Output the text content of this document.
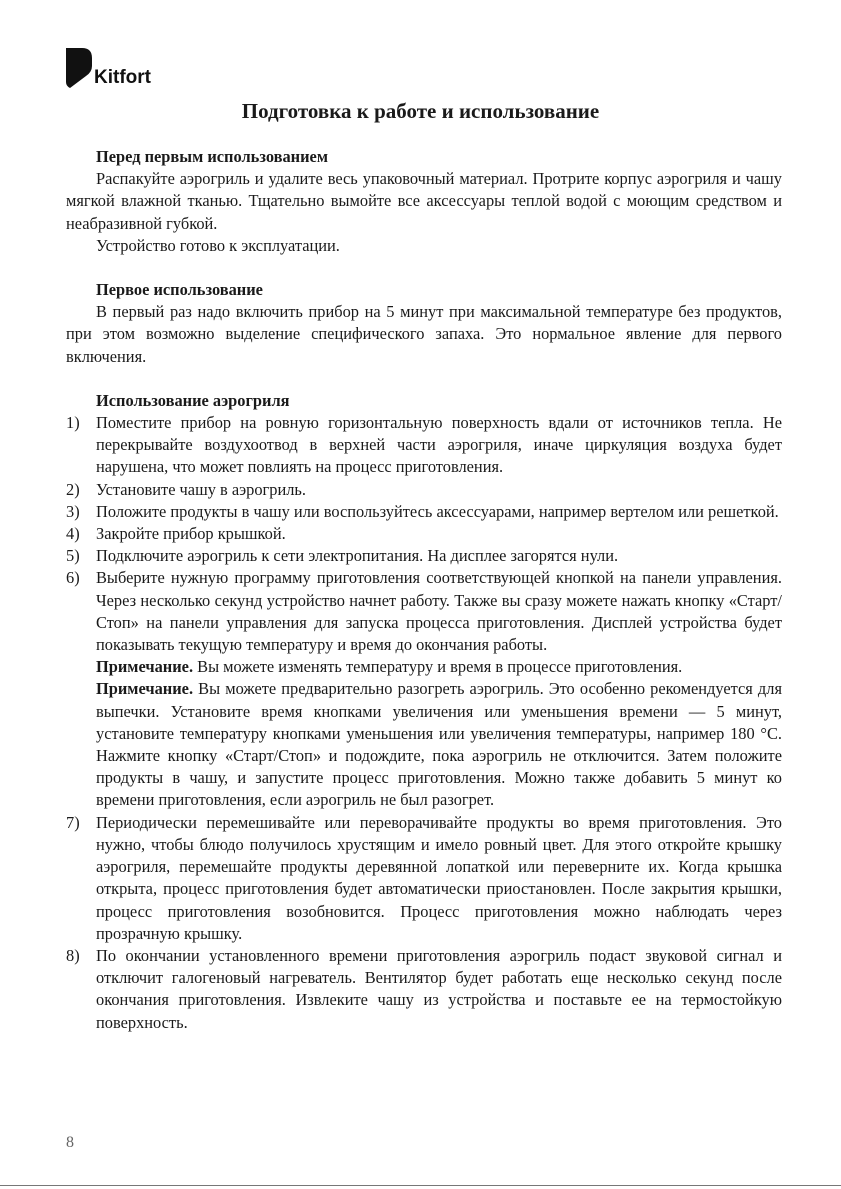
Kitfort
Подготовка к работе и использование

Перед первым использованием

Распакуйте аэрогриль и удалите весь упаковочный материал. Протрите корпус аэрогриля и чашу мягкой влажной тканью. Тщательно вымойте все аксессуары теплой водой с моющим средством и неабразивной губкой.

Устройство готово к эксплуатации.

Первое использование

В первый раз надо включить прибор на 5 минут при максимальной температуре без продуктов, при этом возможно выделение специфического запаха. Это нормальное явление для первого включения.

Использование аэрогриля

1) Поместите прибор на ровную горизонтальную поверхность вдали от источников тепла. Не перекрывайте воздухоотвод в верхней части аэрогриля, иначе циркуляция воздуха будет нарушена, что может повлиять на процесс приготовления.
2) Установите чашу в аэрогриль.
3) Положите продукты в чашу или воспользуйтесь аксессуарами, например вертелом или решеткой.
4) Закройте прибор крышкой.
5) Подключите аэрогриль к сети электропитания. На дисплее загорятся нули.
6) Выберите нужную программу приготовления соответствующей кнопкой на панели управления. Через несколько секунд устройство начнет работу. Также вы сразу можете нажать кнопку «Старт/Стоп» на панели управления для запуска процесса приготовления. Дисплей устройства будет показывать текущую температуру и время до окончания работы.

Примечание. Вы можете изменять температуру и время в процессе приготовления.

Примечание. Вы можете предварительно разогреть аэрогриль. Это особенно рекомендуется для выпечки. Установите время кнопками увеличения или уменьшения времени — 5 минут, установите температуру кнопками уменьшения или увеличения температуры, например 180 °C. Нажмите кнопку «Старт/Стоп» и подождите, пока аэрогриль не отключится. Затем положите продукты в чашу, и запустите процесс приготовления. Можно также добавить 5 минут ко времени приготовления, если аэрогриль не был разогрет.

7) Периодически перемешивайте или переворачивайте продукты во время приготовления. Это нужно, чтобы блюдо получилось хрустящим и имело ровный цвет. Для этого откройте крышку аэрогриля, перемешайте продукты деревянной лопаткой или переверните их. Когда крышка открыта, процесс приготовления будет автоматически приостановлен. После закрытия крышки, процесс приготовления возобновится. Процесс приготовления можно наблюдать через прозрачную крышку.
8) По окончании установленного времени приготовления аэрогриль подаст звуковой сигнал и отключит галогеновый нагреватель. Вентилятор будет работать еще несколько секунд после окончания приготовления. Извлеките чашу из устройства и поставьте ее на термостойкую поверхность.
8
